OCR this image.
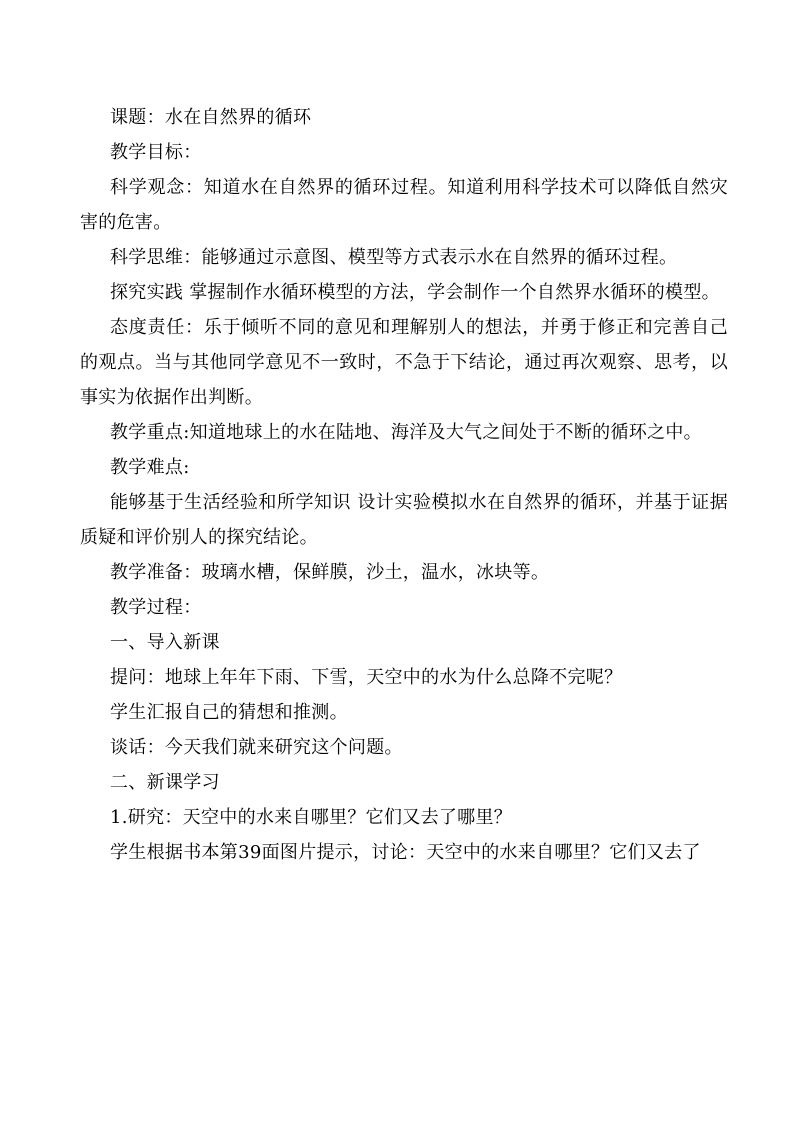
课题：水在自然界的循环

教学目标：

科学观念：知道水在自然界的循环过程。知道利用科学技术可以降低自然灾害的危害。

科学思维：能够通过示意图、模型等方式表示水在自然界的循环过程。

探究实践 掌握制作水循环模型的方法，学会制作一个自然界水循环的模型。

态度责任：乐于倾听不同的意见和理解别人的想法，并勇于修正和完善自己的观点。当与其他同学意见不一致时，不急于下结论，通过再次观察、思考，以事实为依据作出判断。

教学重点:知道地球上的水在陆地、海洋及大气之间处于不断的循环之中。

教学难点:

能够基于生活经验和所学知识 设计实验模拟水在自然界的循环，并基于证据质疑和评价别人的探究结论。

教学准备：玻璃水槽，保鲜膜，沙土，温水，冰块等。

教学过程：

一、导入新课

提问：地球上年年下雨、下雪，天空中的水为什么总降不完呢？

学生汇报自己的猜想和推测。

谈话：今天我们就来研究这个问题。

二、新课学习

1.研究：天空中的水来自哪里？它们又去了哪里？

学生根据书本第39面图片提示，讨论：天空中的水来自哪里？它们又去了
